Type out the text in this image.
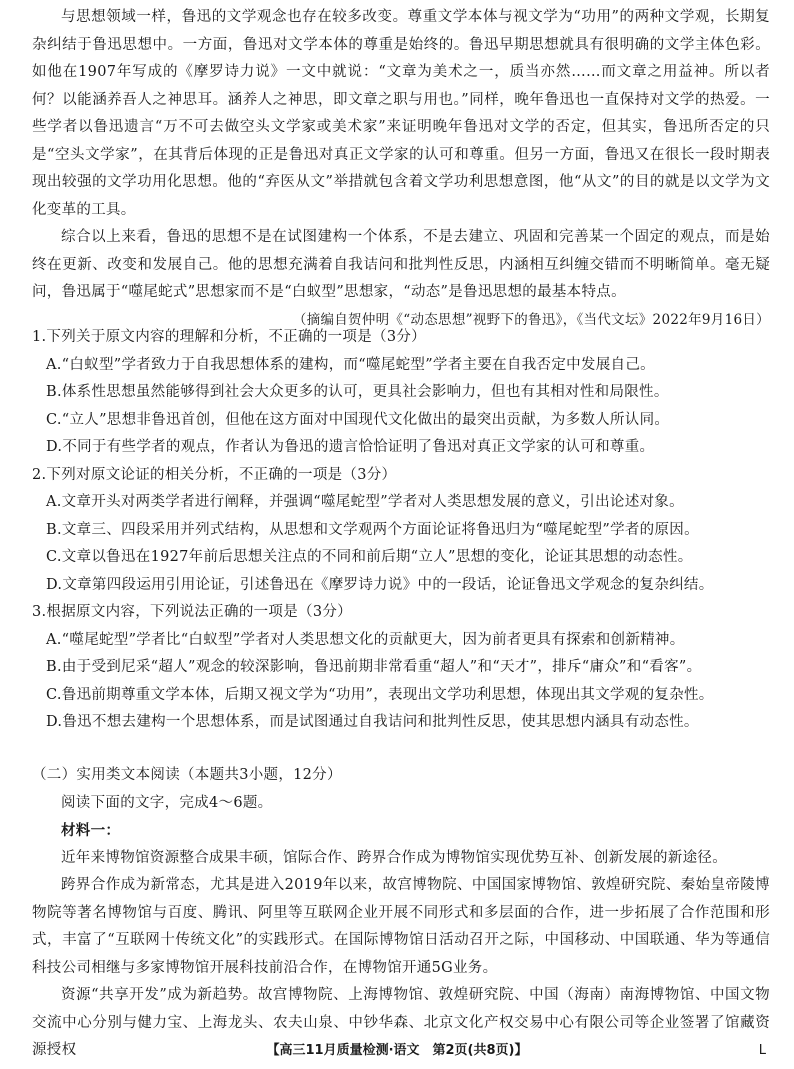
与思想领域一样，鲁迅的文学观念也存在较多改变。尊重文学本体与视文学为“功用”的两种文学观，长期复杂纠结于鲁迅思想中。一方面，鲁迅对文学本体的尊重是始终的。鲁迅早期思想就具有很明确的文学主体色彩。如他在1907年写成的《摩罗诗力说》一文中就说：“文章为美术之一，质当亦然……而文章之用益神。所以者何？以能涵养吾人之神思耳。涵养人之神思，即文章之职与用也。”同样，晚年鲁迅也一直保持对文学的热爱。一些学者以鲁迅遗言“万不可去做空头文学家或美术家”来证明晚年鲁迅对文学的否定，但其实，鲁迅所否定的只是“空头文学家”，在其背后体现的正是鲁迅对真正文学家的认可和尊重。但另一方面，鲁迅又在很长一段时期表现出较强的文学功用化思想。他的“弃医从文”举措就包含着文学功利思想意图，他“从文”的目的就是以文学为文化变革的工具。

综合以上来看，鲁迅的思想不是在试图建构一个体系，不是去建立、巩固和完善某一个固定的观点，而是始终在更新、改变和发展自己。他的思想充满着自我诘问和批判性反思，内涵相互纠缠交错而不明晰简单。毫无疑问，鲁迅属于“噬尾蛇式”思想家而不是“白蚁型”思想家，“动态”是鲁迅思想的最基本特点。

（摘编自贺仲明《“动态思想”视野下的鲁迅》，《当代文坛》2022年9月16日）

1.下列关于原文内容的理解和分析，不正确的一项是（3分）

A.“白蚁型”学者致力于自我思想体系的建构，而“噬尾蛇型”学者主要在自我否定中发展自己。

B.体系性思想虽然能够得到社会大众更多的认可，更具社会影响力，但也有其相对性和局限性。

C.“立人”思想非鲁迅首创，但他在这方面对中国现代文化做出的最突出贡献，为多数人所认同。

D.不同于有些学者的观点，作者认为鲁迅的遗言恰恰证明了鲁迅对真正文学家的认可和尊重。

2.下列对原文论证的相关分析，不正确的一项是（3分）

A.文章开头对两类学者进行阐释，并强调“噬尾蛇型”学者对人类思想发展的意义，引出论述对象。

B.文章三、四段采用并列式结构，从思想和文学观两个方面论证将鲁迅归为“噬尾蛇型”学者的原因。

C.文章以鲁迅在1927年前后思想关注点的不同和前后期“立人”思想的变化，论证其思想的动态性。

D.文章第四段运用引用论证，引述鲁迅在《摩罗诗力说》中的一段话，论证鲁迅文学观念的复杂纠结。

3.根据原文内容，下列说法正确的一项是（3分）

A.“噬尾蛇型”学者比“白蚁型”学者对人类思想文化的贡献更大，因为前者更具有探索和创新精神。

B.由于受到尼采“超人”观念的较深影响，鲁迅前期非常看重“超人”和“天才”，排斥“庸众”和“看客”。

C.鲁迅前期尊重文学本体，后期又视文学为“功用”，表现出文学功利思想，体现出其文学观的复杂性。

D.鲁迅不想去建构一个思想体系，而是试图通过自我诘问和批判性反思，使其思想内涵具有动态性。

（二）实用类文本阅读（本题共3小题，12分）

阅读下面的文字，完成4～6题。

材料一：

近年来博物馆资源整合成果丰硕，馆际合作、跨界合作成为博物馆实现优势互补、创新发展的新途径。

跨界合作成为新常态，尤其是进入2019年以来，故宫博物院、中国国家博物馆、敦煌研究院、秦始皇帝陵博物院等著名博物馆与百度、腾讯、阿里等互联网企业开展不同形式和多层面的合作，进一步拓展了合作范围和形式，丰富了“互联网十传统文化”的实践形式。在国际博物馆日活动召开之际，中国移动、中国联通、华为等通信科技公司相继与多家博物馆开展科技前沿合作，在博物馆开通5G业务。

资源“共享开发”成为新趋势。故宫博物院、上海博物馆、敦煌研究院、中国（海南）南海博物馆、中国文物交流中心分别与健力宝、上海龙头、农夫山泉、中钞华森、北京文化产权交易中心有限公司等企业签署了馆藏资源授权	【高三11月质量检测·语文　第2页(共8页)】	L
